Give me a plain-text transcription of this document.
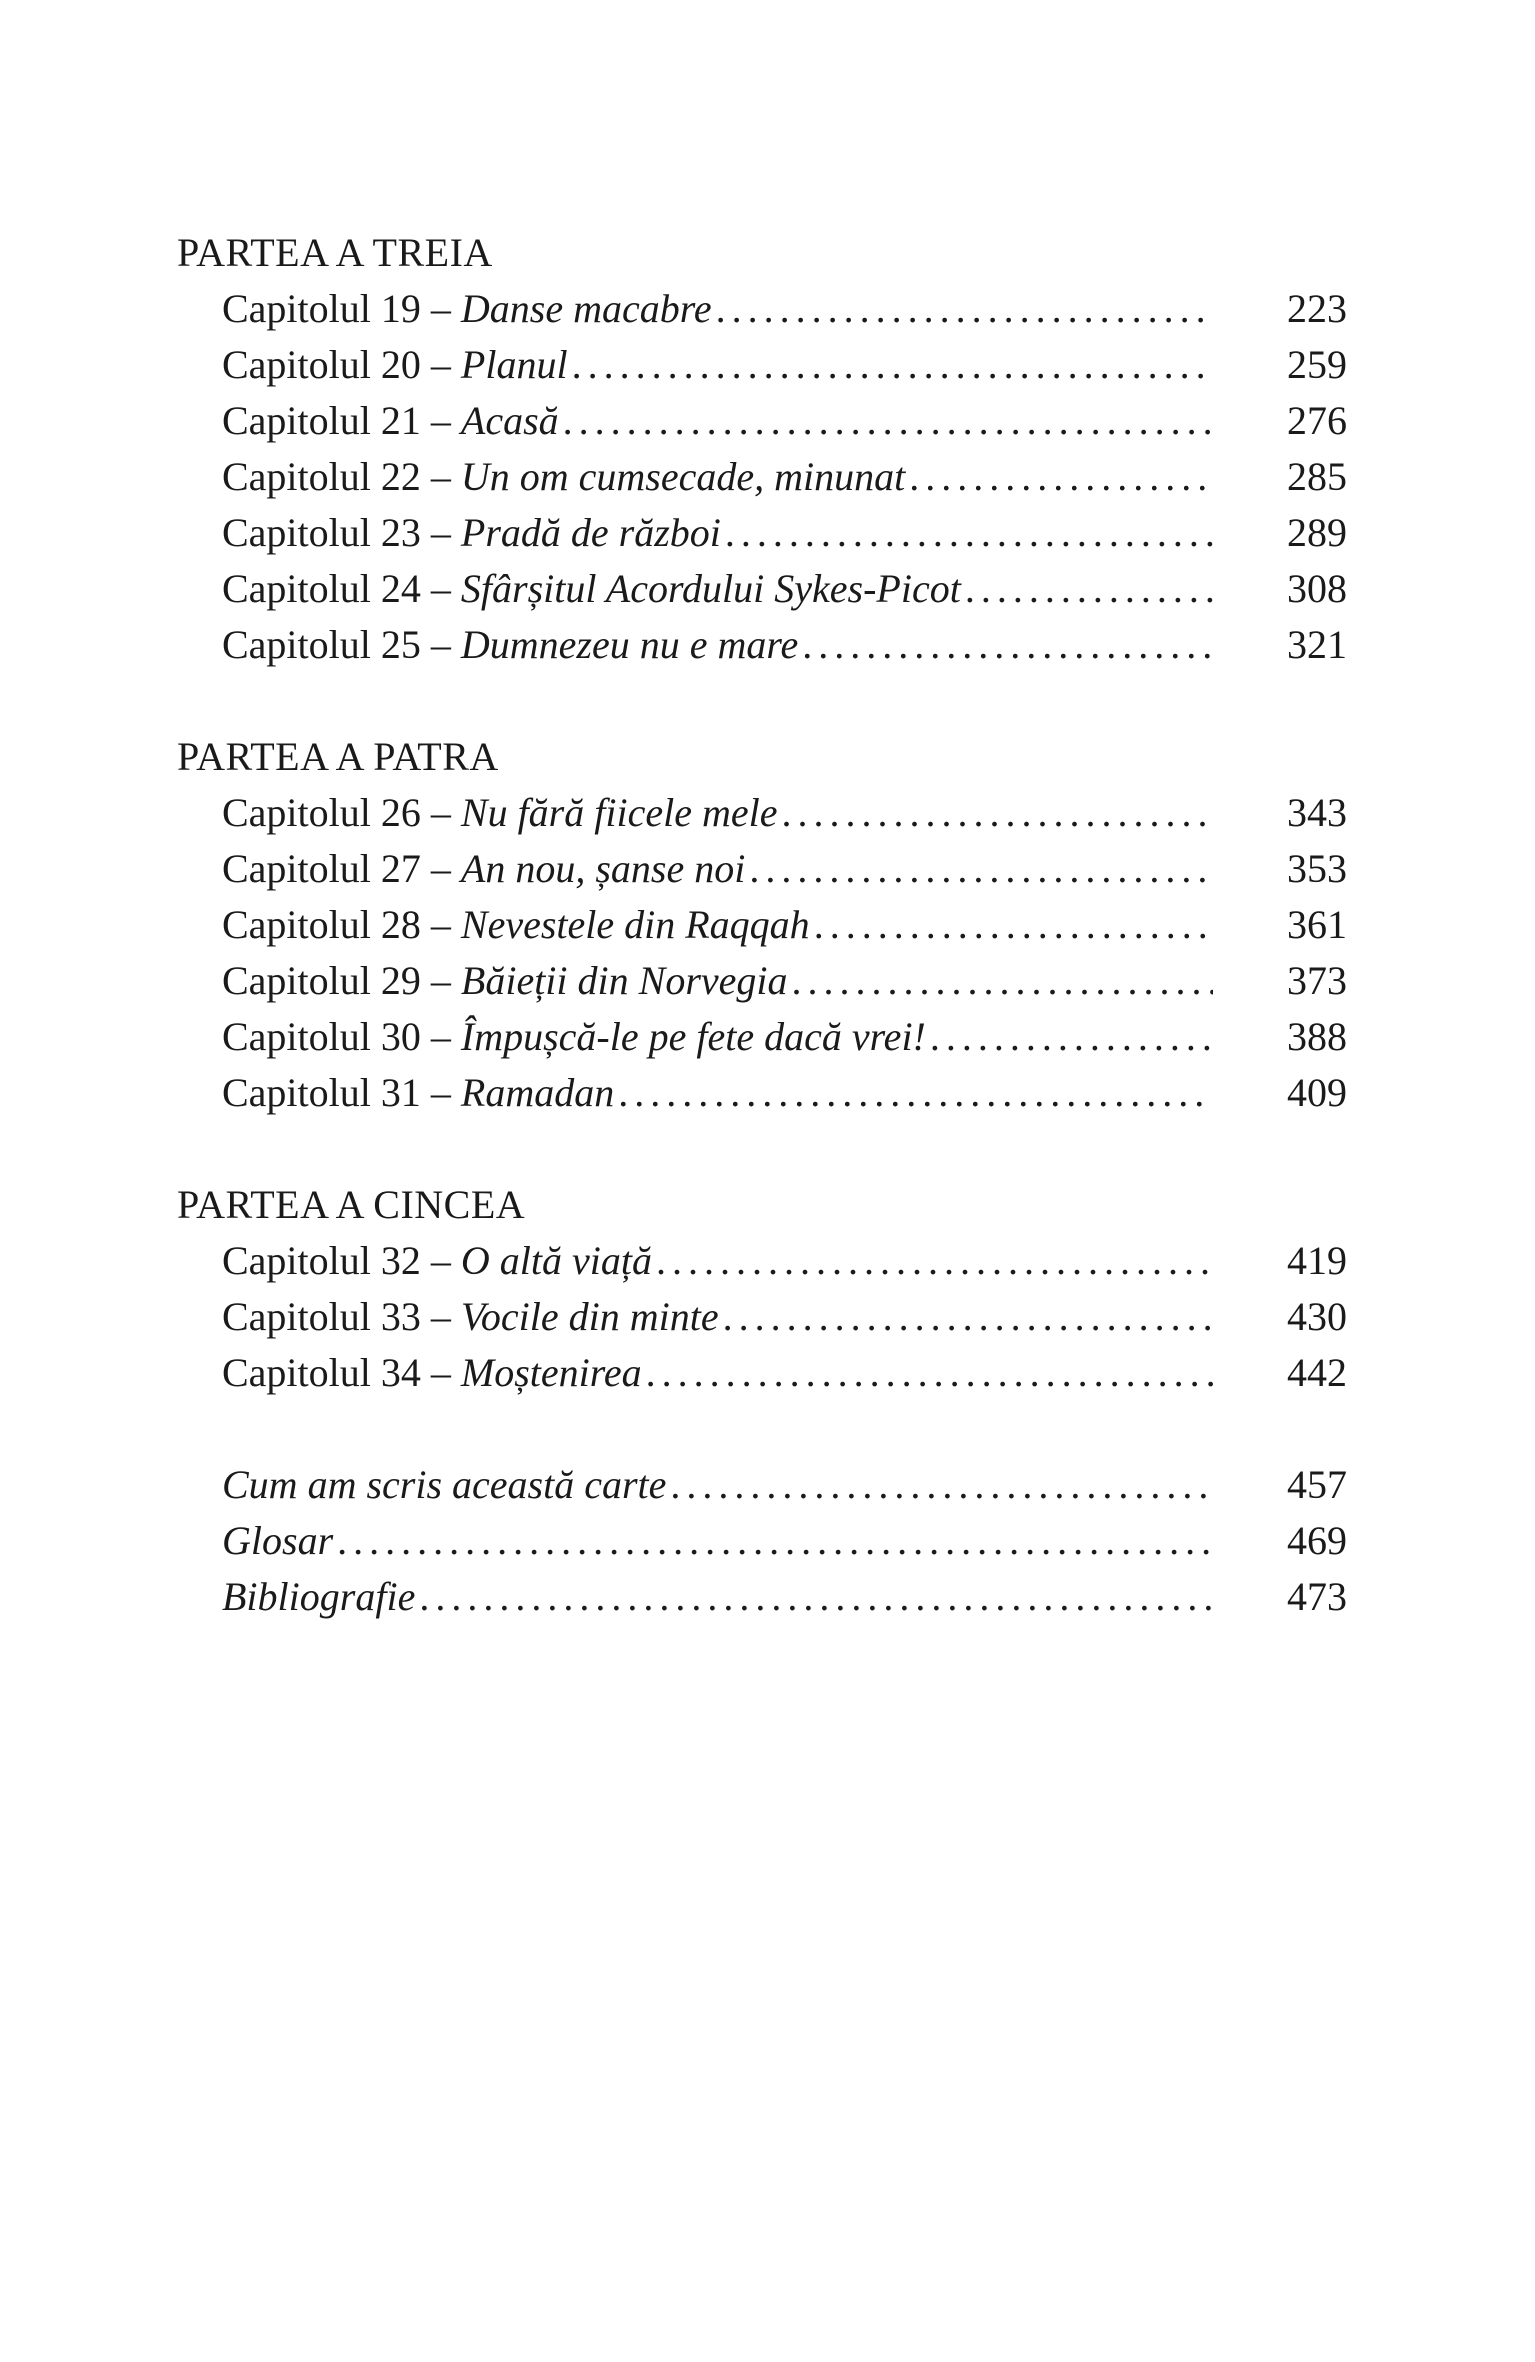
PARTEA A TREIA
Capitolul 19 – Danse macabre . . .	223
Capitolul 20 – Planul . . .	259
Capitolul 21 – Acasă . . .	276
Capitolul 22 – Un om cumsecade, minunat . . .	285
Capitolul 23 – Pradă de război . . .	289
Capitolul 24 – Sfârșitul Acordului Sykes-Picot . . .	308
Capitolul 25 – Dumnezeu nu e mare . . .	321
PARTEA A PATRA
Capitolul 26 – Nu fără fiicele mele . . .	343
Capitolul 27 – An nou, șanse noi . . .	353
Capitolul 28 – Nevestele din Raqqah . . .	361
Capitolul 29 – Băieții din Norvegia . . .	373
Capitolul 30 – Împușcă-le pe fete dacă vrei! . . .	388
Capitolul 31 – Ramadan . . .	409
PARTEA A CINCEA
Capitolul 32 – O altă viață . . .	419
Capitolul 33 – Vocile din minte . . .	430
Capitolul 34 – Moștenirea . . .	442
Cum am scris această carte . . .	457
Glosar . . .	469
Bibliografie . . .	473
